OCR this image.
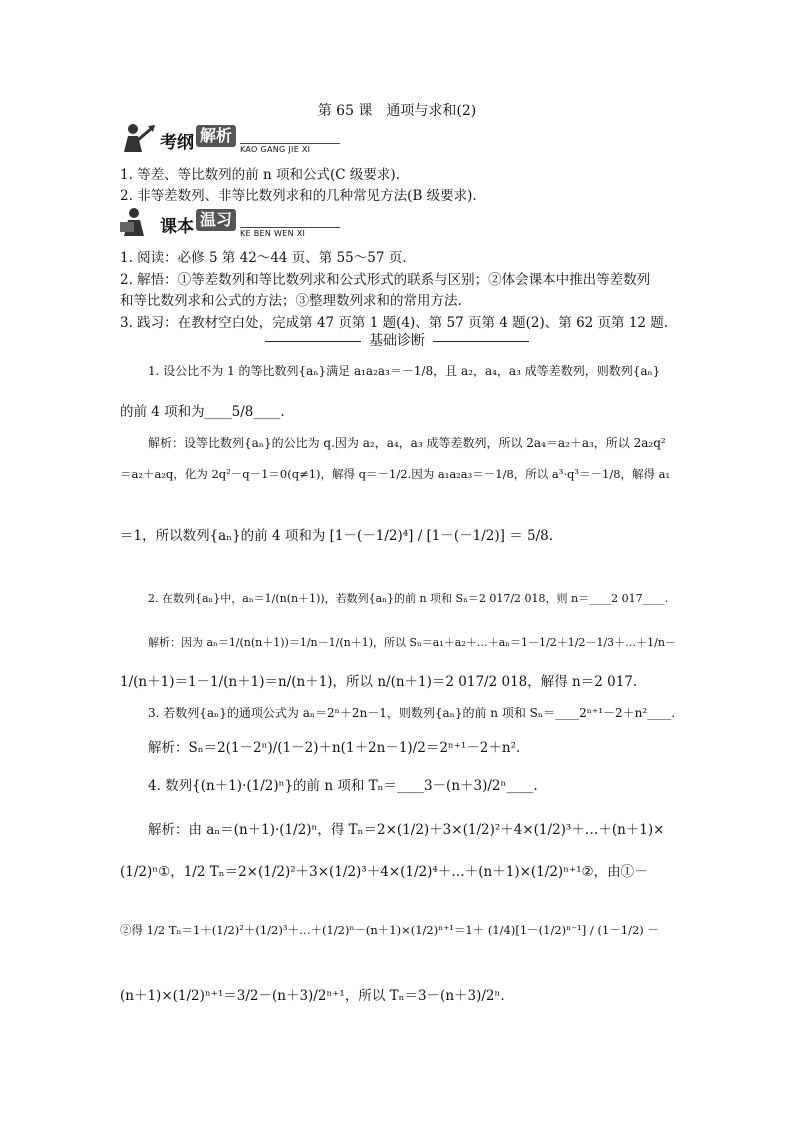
第 65 课　通项与求和(2)
考纲 解析
KAO GANG JIE XI
1. 等差、等比数列的前 n 项和公式(C 级要求).
2. 非等差数列、非等比数列求和的几种常见方法(B 级要求).
课本 温习
KE BEN WEN XI
1. 阅读：必修 5 第 42～44 页、第 55～57 页.
2. 解悟：①等差数列和等比数列求和公式形式的联系与区别；②体会课本中推出等差数列
和等比数列求和公式的方法；③整理数列求和的常用方法.
3. 践习：在教材空白处，完成第 47 页第 1 题(4)、第 57 页第 4 题(2)、第 62 页第 12 题.
基础诊断
1. 设公比不为 1 的等比数列{aₙ}满足 a₁a₂a₃＝－1/8，且 a₂，a₄，a₃ 成等差数列，则数列{aₙ}
的前 4 项和为____5/8____.
解析：设等比数列{aₙ}的公比为 q.因为 a₂，a₄，a₃ 成等差数列，所以 2a₄＝a₂＋a₃，所以 2a₂q²
＝a₂＋a₂q，化为 2q²－q－1＝0(q≠1)，解得 q＝－1/2.因为 a₁a₂a₃＝－1/8，所以 a³·q³＝－1/8，解得 a₁
＝1，所以数列{aₙ}的前 4 项和为 [1－(－1/2)⁴] / [1－(－1/2)] ＝ 5/8.
2. 在数列{aₙ}中，aₙ＝1/(n(n＋1))，若数列{aₙ}的前 n 项和 Sₙ＝2 017/2 018，则 n＝____2 017____.
解析：因为 aₙ＝1/(n(n＋1))＝1/n－1/(n＋1)，所以 Sₙ＝a₁＋a₂＋…＋aₙ＝1－1/2＋1/2－1/3＋…＋1/n－
1/(n＋1)＝1－1/(n＋1)＝n/(n＋1)，所以 n/(n＋1)＝2 017/2 018，解得 n＝2 017.
3. 若数列{aₙ}的通项公式为 aₙ＝2ⁿ＋2n－1，则数列{aₙ}的前 n 项和 Sₙ＝____2ⁿ⁺¹－2＋n²____.
解析：Sₙ＝2(1－2ⁿ)/(1－2)＋n(1＋2n－1)/2＝2ⁿ⁺¹－2＋n².
4. 数列{(n＋1)·(1/2)ⁿ}的前 n 项和 Tₙ＝____3－(n＋3)/2ⁿ____.
解析：由 aₙ＝(n＋1)·(1/2)ⁿ，得 Tₙ＝2×(1/2)＋3×(1/2)²＋4×(1/2)³＋…＋(n＋1)×
(1/2)ⁿ①，1/2 Tₙ＝2×(1/2)²＋3×(1/2)³＋4×(1/2)⁴＋…＋(n＋1)×(1/2)ⁿ⁺¹②，由①－
②得 1/2 Tₙ＝1＋(1/2)²＋(1/2)³＋…＋(1/2)ⁿ－(n＋1)×(1/2)ⁿ⁺¹＝1＋ (1/4)[1－(1/2)ⁿ⁻¹] / (1－1/2) －
(n＋1)×(1/2)ⁿ⁺¹＝3/2－(n＋3)/2ⁿ⁺¹，所以 Tₙ＝3－(n＋3)/2ⁿ.
